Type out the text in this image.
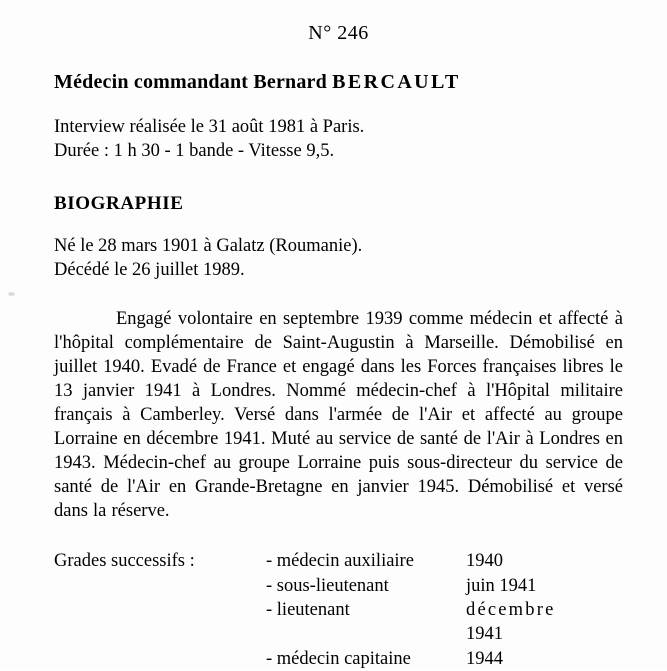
N° 246
Médecin commandant Bernard BERCAULT
Interview réalisée le 31 août 1981 à Paris.
Durée : 1 h 30 - 1 bande - Vitesse 9,5.
BIOGRAPHIE
Né le 28 mars 1901 à Galatz (Roumanie).
Décédé le 26 juillet 1989.
Engagé volontaire en septembre 1939 comme médecin et affecté à l'hôpital complémentaire de Saint-Augustin à Marseille. Démobilisé en juillet 1940. Evadé de France et engagé dans les Forces françaises libres le 13 janvier 1941 à Londres. Nommé médecin-chef à l'Hôpital militaire français à Camberley. Versé dans l'armée de l'Air et affecté au groupe Lorraine en décembre 1941. Muté au service de santé de l'Air à Londres en 1943. Médecin-chef au groupe Lorraine puis sous-directeur du service de santé de l'Air en Grande-Bretagne en janvier 1945. Démobilisé et versé dans la réserve.
Grades successifs :	- médecin auxiliaire	1940
- sous-lieutenant	juin 1941
- lieutenant	décembre
1941
- médecin capitaine	1944
